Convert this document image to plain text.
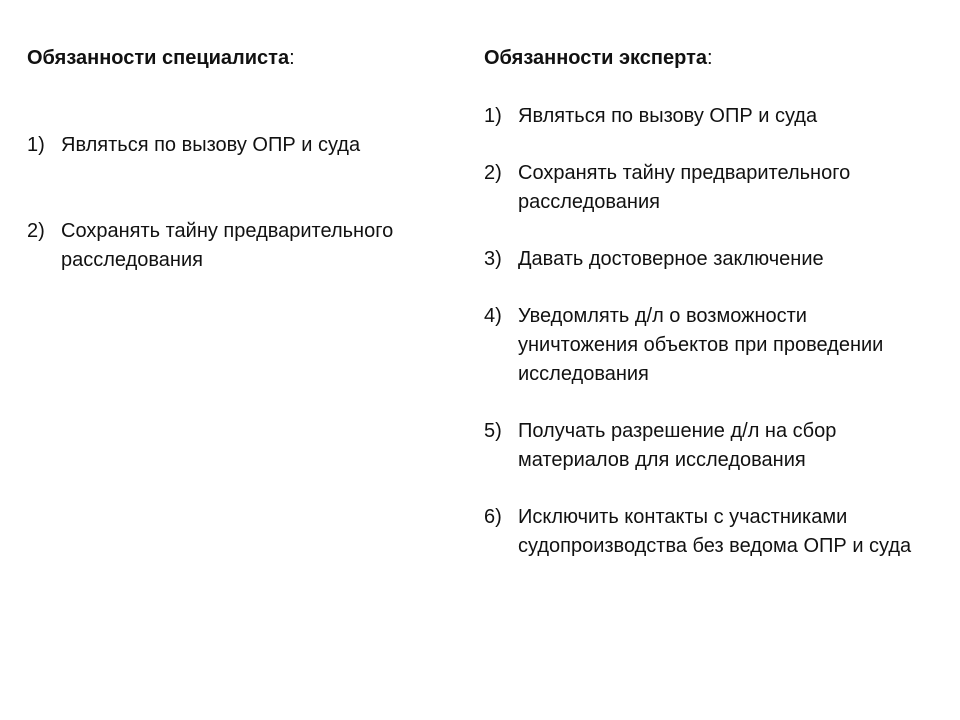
Обязанности специалиста:
1) Являться по вызову ОПР и суда
2) Сохранять тайну предварительного расследования
Обязанности эксперта:
1) Являться по вызову ОПР и суда
2) Сохранять тайну предварительного расследования
3) Давать достоверное заключение
4) Уведомлять д/л о возможности уничтожения объектов при проведении исследования
5) Получать разрешение д/л на сбор материалов для исследования
6) Исключить контакты с участниками судопроизводства без ведома ОПР и суда
